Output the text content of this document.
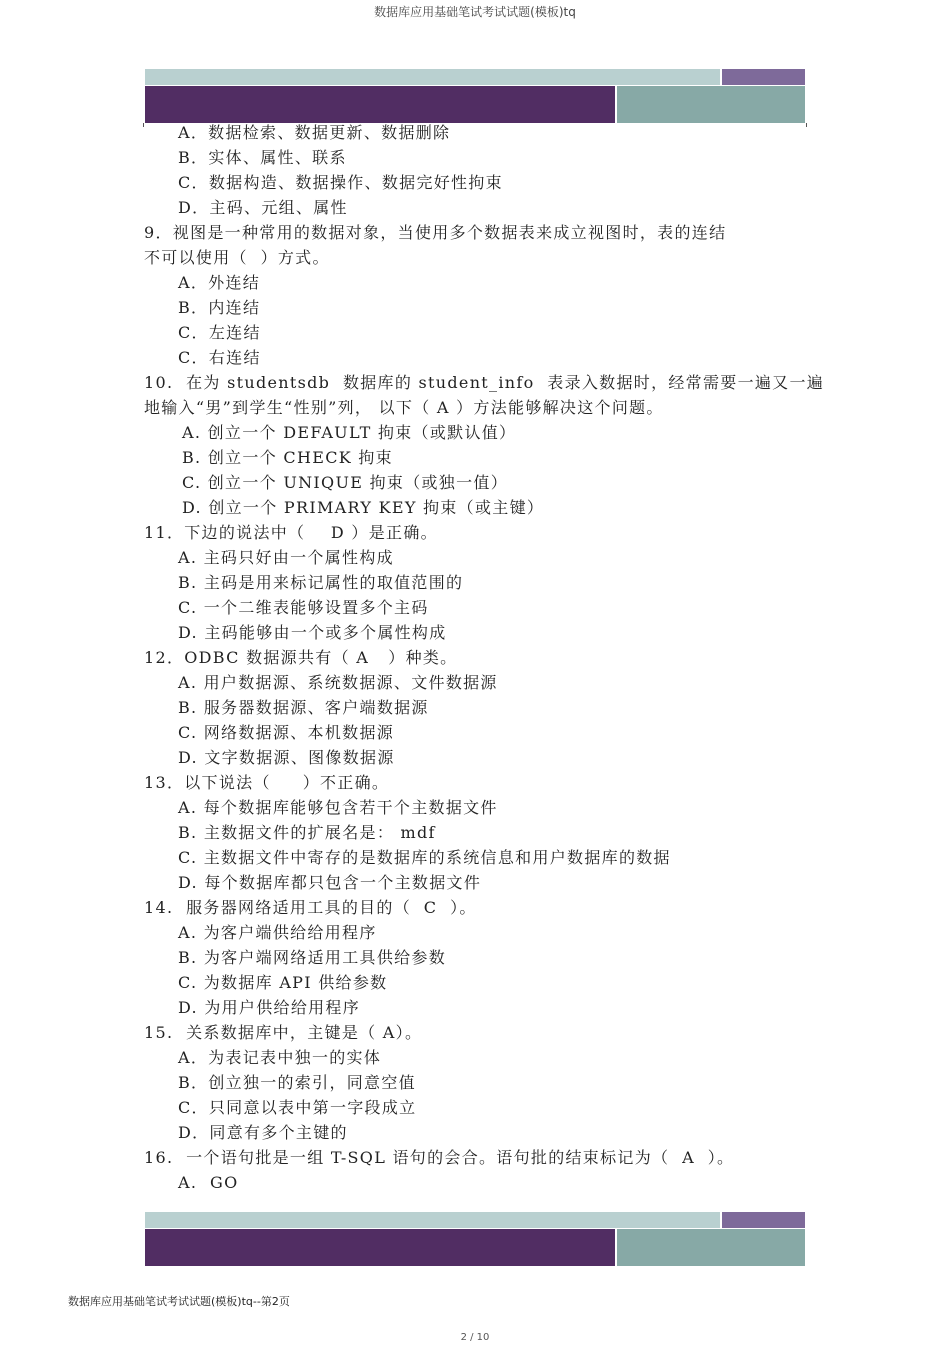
数据库应用基础笔试考试试题(模板)tq
A．数据检索、数据更新、数据删除
B．实体、属性、联系
C．数据构造、数据操作、数据完好性拘束
D．主码、元组、属性
9．视图是一种常用的数据对象，当使用多个数据表来成立视图时，表的连结
不可以使用（  ）方式。
A．外连结
B．内连结
C．左连结
C．右连结
10.  在为 studentsdb  数据库的 student_info  表录入数据时，经常需要一遍又一遍
地输入“男”到学生“性别”列， 以下（ A ）方法能够解决这个问题。
A. 创立一个 DEFAULT 拘束（或默认值）
B. 创立一个 CHECK 拘束
C. 创立一个 UNIQUE 拘束（或独一值）
D. 创立一个 PRIMARY KEY 拘束（或主键）
11．下边的说法中（    D ）是正确。
A. 主码只好由一个属性构成
B. 主码是用来标记属性的取值范围的
C. 一个二维表能够设置多个主码
D. 主码能够由一个或多个属性构成
12．ODBC 数据源共有（ A   ）种类。
A. 用户数据源、系统数据源、文件数据源
B. 服务器数据源、客户端数据源
C. 网络数据源、本机数据源
D. 文字数据源、图像数据源
13．以下说法（     ）不正确。
A. 每个数据库能够包含若干个主数据文件
B. 主数据文件的扩展名是： mdf
C. 主数据文件中寄存的是数据库的系统信息和用户数据库的数据
D. 每个数据库都只包含一个主数据文件
14.  服务器网络适用工具的目的（  C  ）。
A. 为客户端供给给用程序
B. 为客户端网络适用工具供给参数
C. 为数据库 API 供给参数
D. 为用户供给给用程序
15.  关系数据库中，主键是（ A）。
A．为表记表中独一的实体
B．创立独一的索引，同意空值
C．只同意以表中第一字段成立
D．同意有多个主键的
16.  一个语句批是一组 T-SQL 语句的会合。语句批的结束标记为（  A  ）。
A.  GO
数据库应用基础笔试考试试题(模板)tq--第2页
2 / 10
